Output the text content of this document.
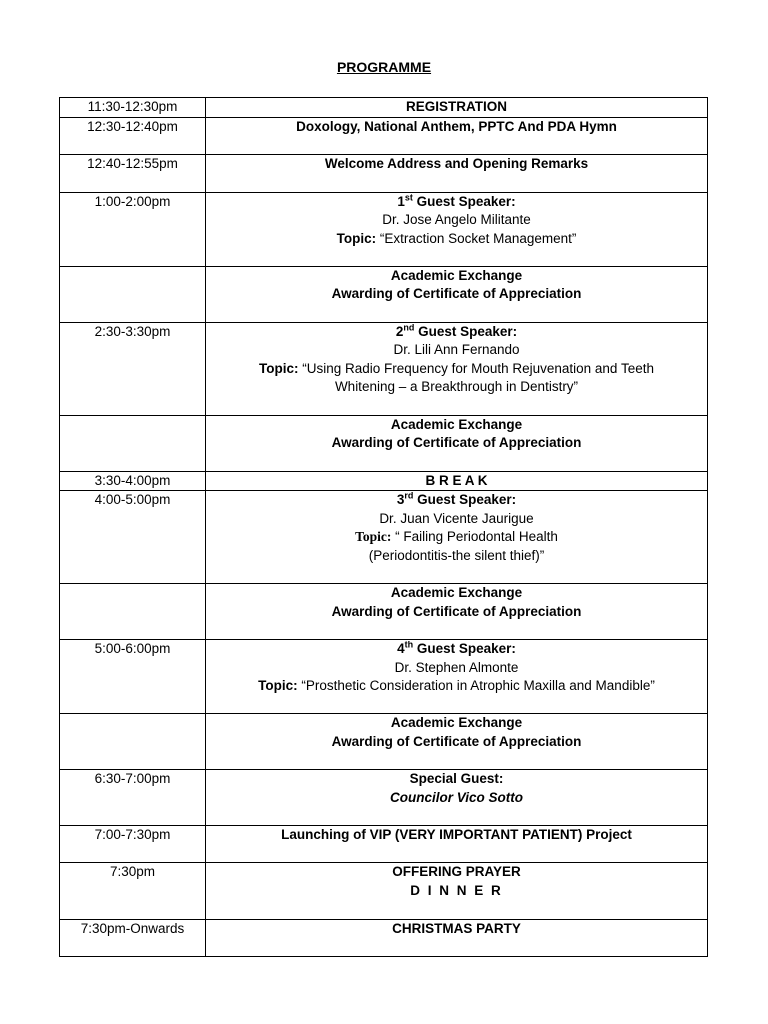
PROGRAMME
11:30-12:30pm	REGISTRATION
12:30-12:40pm	Doxology, National Anthem, PPTC And PDA Hymn
12:40-12:55pm	Welcome Address and Opening Remarks
1:00-2:00pm	1st Guest Speaker:
Dr. Jose Angelo Militante
Topic: “Extraction Socket Management”

	Academic Exchange
Awarding of Certificate of Appreciation

2:30-3:30pm	2nd Guest Speaker:
Dr. Lili Ann Fernando
Topic: “Using Radio Frequency for Mouth Rejuvenation and Teeth
Whitening – a Breakthrough in Dentistry”

	Academic Exchange
Awarding of Certificate of Appreciation

3:30-4:00pm	B R E A K
4:00-5:00pm	3rd Guest Speaker:
Dr. Juan Vicente Jaurigue
Topic: “ Failing Periodontal Health
(Periodontitis-the silent thief)”

	Academic Exchange
Awarding of Certificate of Appreciation

5:00-6:00pm	4th Guest Speaker:
Dr. Stephen Almonte
Topic: “Prosthetic Consideration in Atrophic Maxilla and Mandible”

	Academic Exchange
Awarding of Certificate of Appreciation

6:30-7:00pm	Special Guest:
Councilor Vico Sotto

7:00-7:30pm	Launching of VIP (VERY IMPORTANT PATIENT) Project
7:30pm	OFFERING PRAYER
D I N N E R

7:30pm-Onwards	CHRISTMAS PARTY
